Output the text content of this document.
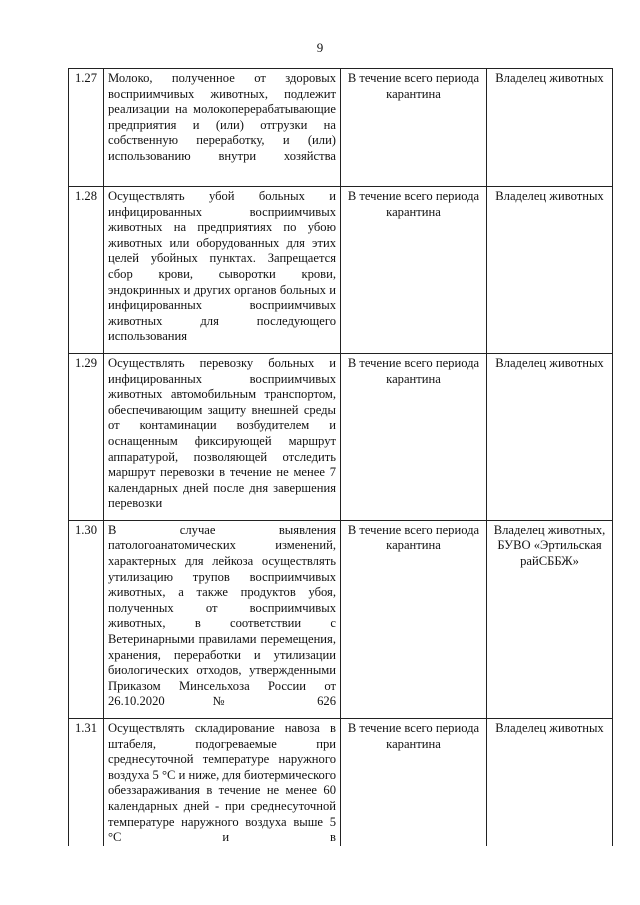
9
1.27	Молоко, полученное от здоровых восприимчивых животных, подлежит реализации на молокоперерабатывающие предприятия и (или) отгрузки на собственную переработку, и (или) использованию внутри хозяйства	В течение всего периода карантина	Владелец животных
1.28	Осуществлять убой больных и инфицированных восприимчивых животных на предприятиях по убою животных или оборудованных для этих целей убойных пунктах. Запрещается сбор крови, сыворотки крови, эндокринных и других органов больных и инфицированных восприимчивых животных для последующего использования	В течение всего периода карантина	Владелец животных
1.29	Осуществлять перевозку больных и инфицированных восприимчивых животных автомобильным транспортом, обеспечивающим защиту внешней среды от контаминации возбудителем и оснащенным фиксирующей маршрут аппаратурой, позволяющей отследить маршрут перевозки в течение не менее 7 календарных дней после дня завершения перевозки	В течение всего периода карантина	Владелец животных
1.30	В случае выявления патологоанатомических изменений, характерных для лейкоза осуществлять утилизацию трупов восприимчивых животных, а также продуктов убоя, полученных от восприимчивых животных, в соответствии с Ветеринарными правилами перемещения, хранения, переработки и утилизации биологических отходов, утвержденными Приказом Минсельхоза России от 26.10.2020 № 626	В течение всего периода карантина	Владелец животных, БУВО «Эртильская райСББЖ»
1.31	Осуществлять складирование навоза в штабеля, подогреваемые при среднесуточной температуре наружного воздуха 5 °С и ниже, для биотермического обеззараживания в течение не менее 60 календарных дней - при среднесуточной температуре наружного воздуха выше 5 °С и в	В течение всего периода карантина	Владелец животных
